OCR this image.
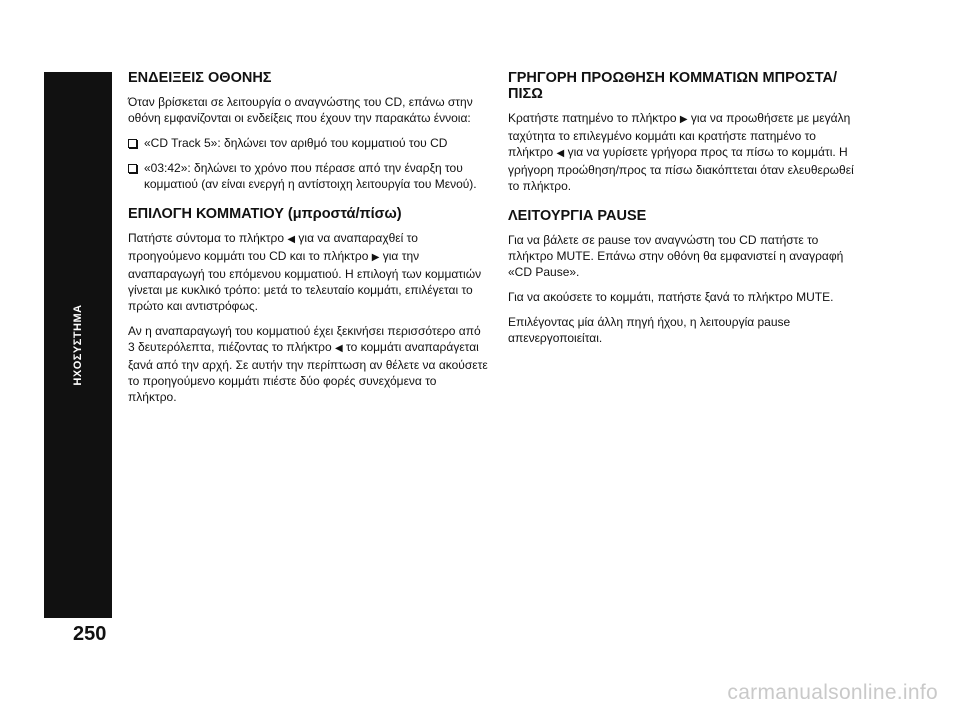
ΗΧΟΣΥΣΤΗΜΑ
250
ΕΝΔΕΙΞΕΙΣ ΟΘΟΝΗΣ

Όταν βρίσκεται σε λειτουργία ο αναγνώστης του CD, επάνω στην οθόνη εμφανίζονται οι ενδείξεις που έχουν την παρακάτω έννοια:

«CD Track 5»: δηλώνει τον αριθμό του κομματιού του CD
«03:42»: δηλώνει το χρόνο που πέρασε από την έναρξη του κομματιού (αν είναι ενεργή η αντίστοιχη λειτουργία του Μενού).
ΕΠΙΛΟΓΗ ΚΟΜΜΑΤΙΟΥ (μπροστά/πίσω)

Πατήστε σύντομα το πλήκτρο ◀ για να αναπαραχθεί το προηγούμενο κομμάτι του CD και το πλήκτρο ▶ για την αναπαραγωγή του επόμενου κομματιού. Η επιλογή των κομματιών γίνεται με κυκλικό τρόπο: μετά το τελευταίο κομμάτι, επιλέγεται το πρώτο και αντιστρόφως.

Αν η αναπαραγωγή του κομματιού έχει ξεκινήσει περισσότερο από 3 δευτερόλεπτα, πιέζοντας το πλήκτρο ◀ το κομμάτι αναπαράγεται ξανά από την αρχή. Σε αυτήν την περίπτωση αν θέλετε να ακούσετε το προηγούμενο κομμάτι πιέστε δύο φορές συνεχόμενα το πλήκτρο.

ΓΡΗΓΟΡΗ ΠΡΟΩΘΗΣΗ ΚΟΜΜΑΤΙΩΝ ΜΠΡΟΣΤΑ/ΠΙΣΩ

Κρατήστε πατημένο το πλήκτρο ▶ για να προωθήσετε με μεγάλη ταχύτητα το επιλεγμένο κομμάτι και κρατήστε πατημένο το πλήκτρο ◀ για να γυρίσετε γρήγορα προς τα πίσω το κομμάτι. Η γρήγορη προώθηση/προς τα πίσω διακόπτεται όταν ελευθερωθεί το πλήκτρο.

ΛΕΙΤΟΥΡΓΙΑ PAUSE

Για να βάλετε σε pause τον αναγνώστη του CD πατήστε το πλήκτρο MUTE. Επάνω στην οθόνη θα εμφανιστεί η αναγραφή «CD Pause».

Για να ακούσετε το κομμάτι, πατήστε ξανά το πλήκτρο MUTE.

Επιλέγοντας μία άλλη πηγή ήχου, η λειτουργία pause απενεργοποιείται.

carmanualsonline.info
